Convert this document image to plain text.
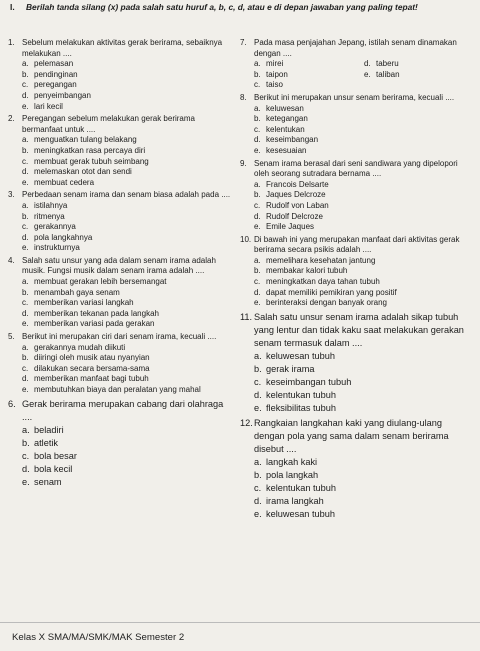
I. Berilah tanda silang (x) pada salah satu huruf a, b, c, d, atau e di depan jawaban yang paling tepat!
1. Sebelum melakukan aktivitas gerak berirama, sebaiknya melakukan ....
a. pelemasan
b. pendinginan
c. peregangan
d. penyeimbangan
e. lari kecil
2. Peregangan sebelum melakukan gerak berirama bermanfaat untuk ....
a. menguatkan tulang belakang
b. meningkatkan rasa percaya diri
c. membuat gerak tubuh seimbang
d. melemaskan otot dan sendi
e. membuat cedera
3. Perbedaan senam irama dan senam biasa adalah pada ....
a. istilahnya
b. ritmenya
c. gerakannya
d. pola langkahnya
e. instrukturnya
4. Salah satu unsur yang ada dalam senam irama adalah musik. Fungsi musik dalam senam irama adalah ....
a. membuat gerakan lebih bersemangat
b. menambah gaya senam
c. memberikan variasi langkah
d. memberikan tekanan pada langkah
e. memberikan variasi pada gerakan
5. Berikut ini merupakan ciri dari senam irama, kecuali ....
a. gerakannya mudah diikuti
b. diiringi oleh musik atau nyanyian
c. dilakukan secara bersama-sama
d. memberikan manfaat bagi tubuh
e. membutuhkan biaya dan peralatan yang mahal
6. Gerak berirama merupakan cabang dari olahraga ....
a. beladiri
b. atletik
c. bola besar
d. bola kecil
e. senam
7. Pada masa penjajahan Jepang, istilah senam dinamakan dengan ....
a. mirei
b. taipon
c. taiso
d. taberu
e. taliban
8. Berikut ini merupakan unsur senam berirama, kecuali ....
a. keluwesan
b. ketegangan
c. kelentukan
d. keseimbangan
e. kesesuaian
9. Senam irama berasal dari seni sandiwara yang dipelopori oleh seorang sutradara bernama ....
a. Francois Delsarte
b. Jaques Delcroze
c. Rudolf von Laban
d. Rudolf Delcroze
e. Emile Jaques
10. Di bawah ini yang merupakan manfaat dari aktivitas gerak berirama secara psikis adalah ....
a. memelihara kesehatan jantung
b. membakar kalori tubuh
c. meningkatkan daya tahan tubuh
d. dapat memiliki pemikiran yang positif
e. berinteraksi dengan banyak orang
11. Salah satu unsur senam irama adalah sikap tubuh yang lentur dan tidak kaku saat melakukan gerakan senam termasuk dalam ....
a. keluwesan tubuh
b. gerak irama
c. keseimbangan tubuh
d. kelentukan tubuh
e. fleksibilitas tubuh
12. Rangkaian langkahan kaki yang diulang-ulang dengan pola yang sama dalam senam berirama disebut ....
a. langkah kaki
b. pola langkah
c. kelentukan tubuh
d. irama langkah
e. keluwesan tubuh
Kelas X SMA/MA/SMK/MAK Semester 2
